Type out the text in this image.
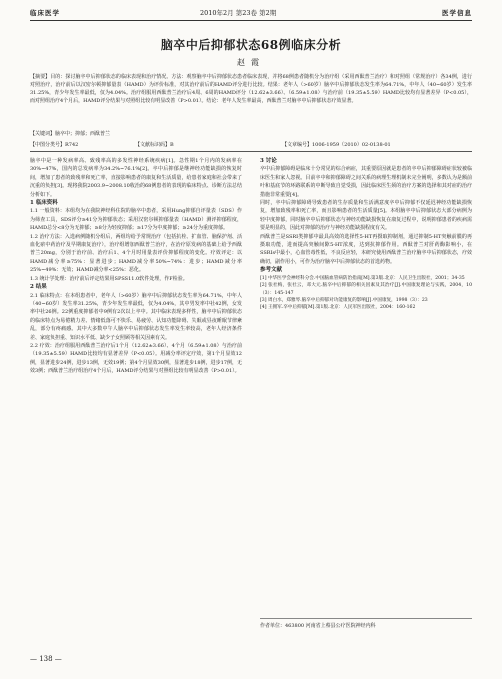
临床医学	2010年2月 第23卷 第2期	医学信息
脑卒中后抑郁状态68例临床分析
赵霞
【摘要】目的：探讨脑卒中后抑郁状态的临床表现和治疗情况。方法：观察脑卒中后抑郁状态患者临床表现，并将68例患者随机分为治疗组（采用西酞普兰治疗）和对照组（常规治疗）各34例，进行对照治疗，治疗前后以汉密尔顿抑郁量表（HAMD）为评价标准，对其治疗前后的HAMD评分进行比较。结果：老年人（>60岁）脑卒中后抑郁状态发生率为64.71%，中年人（40~60岁）发生率31.25%，青少年发生率最低，仅为4.04%。治疗组服用西酞普兰治疗后4周、6周的HAMD评分（12.62±3.66）、（6.59±1.08）与治疗前（19.35±5.59）HAMD比较均有显著差异（P<0.05），而对照组治疗4个月后，HAMD评分结果与对照组比较有明显改善（P>0.01）。结论：老年人发生率最高，西酞普兰对脑卒中后抑郁状态疗效显著。
【关键词】脑卒中；抑郁；西酞普兰
【中图分类号】R742	【文献标识码】B	【文章编号】1006-1959（2010）02-0138-01

脑卒中是一种发病率高、致残率高的多发性神经系统疾病[1]。急性期1个月内的发病率在30%~47%，国内的总发病率为34.2%~76.1%[2]。卒中后抑郁是继神经功能缺损的恢复时间，增加了患者的致残率和死亡率，直接影响患者的康复和生活质量，给患者家庭和社会带来了沉重的负担[3]。现将我院2003.9~2008.10收治的68例患者的表现的临床特点、诊断方法总结分析如下。

1 临床资料

1.1 一般资料：本组均为在我院神经科住院的脑卒中患者，采用Hung抑郁自评量表（SDS）作为筛查工具，SDS评分≥41分为抑郁状态；采用汉密尔顿抑郁量表（HAMD）测评抑郁程度，HAMD总分<8分为无抑郁；≥8分为轻度抑郁；≥17分为中度抑郁；≥24分为重度抑郁。

1.2 治疗方法：入选病例随机分组后，两组均给予常规治疗（包括抗栓、扩血管、脑保护剂、活血化瘀中药治疗及早期康复治疗），治疗组增加西酞普兰治疗，在治疗原发病的基础上给予西酞普兰20mg，分别于治疗前、治疗后1、4个月时用量表评价抑郁程度的变化。疗效评定：以HAMD减分率≥75%：显著进步；HAMD减分率50%~74%：进步；HAMD减分率25%~49%：无效；HAMD减分率<25%：恶化。

1.3 统计学处理：治疗前后评定结果用SPSS11.0软件处理，作F检验。

2 结果

2.1 临床特点：在本组患者中，老年人（>60岁）脑卒中后抑郁状态发生率为64.71%，中年人（40~60岁）发生率31.25%，青少年发生率最低，仅为4.04%，其中男发率中社42例，女发率中社26例。22例重度抑郁者中9例有2次以上卒中。其中临床表现多样性，脑卒中后抑郁状态的临床特点为易倦精力差、情绪低落可不快乐、易疲劳、认知功能降碍、失眠或昼夜睡眠节律紊乱，部分有疼痛感。其中大多数中午人脑卒中后抑郁状态发生率发生率较高，老年人经济条件差、家庭负担重、知识水平低、缺少子女照顾等相关因素有关。

2.2 疗效：治疗组服用西酞普兰治疗后1个月（12.62±3.66）、4个月（6.59±1.08）与治疗前（19.35±5.59）HAMD比较均有显著差异（P<0.05）。用减分率评定疗效，第1个月显效12例，显著进步24例，进步13例，无效19例；第4个月显效30例，显著进步18例，进步17例，无效3例；西酞普兰治疗组治疗4个月后，HAMD评分结果与对照组比较有明显改善（P>0.01）。

3 讨论

卒中后抑郁障碍是临床十分常见的综合病症，其重要原因就是患者的卒中后抑郁障碍症状较被临床医生和家人忽视。目前卒中和抑郁障碍之间关系的病理生理机制未完全阐明，多数认为是额前叶和基底节的环路联系的中断导致自觉受损，因此临床医生须的治疗方案的选择和其对症的治疗措施非常重要[4]。

同时，卒中后抑郁障碍导致患者的生存质量和生活满意度卒中后抑郁不仅延迟神经功能缺损恢复，增加致残率和死亡率，而且影响患者的生活质量[5]。本组脑卒中后抑郁状态大部分病例为轻中度抑郁，同时脑卒中后抑郁状态与神经功能缺损恢复在康复过程中，说明抑郁患者的疾病需要是明显的，因此对抑郁的治疗与神经功能缺损程度有关。

西酞普兰是SSRI类抑郁中最具高效的选择性5-HT再摄取抑制剂，通过抑制5-HT突触前膜的再摄取功能，进而提高突触间隙5-HT浓度，达到抗抑郁作用。西酞普兰对肝药酶影响小，在SSRIs中最小，心血管毒性低，不良反应轻，本研究使用西酞普兰治疗脑卒中后抑郁状态，疗效确切，副作用小，可作为治疗脑卒中后抑郁状态的首选药物。

参考文献

[1] 中华医学会神经科分会.中国脑血管病防治指南[M].第3版.北京：人民卫生出版社，2001；34-35

[2] 张社梅，张社云，邓大元.脑卒中后抑郁的相关因素及其治疗[J].中国康复理论与实践，2004，10（3）：145-147

[3] 周白水，郑雅琴.脑卒中后抑郁对功能康复的影响[J].中国康复，1998（3）：23

[4] 王拥军.卒中后抑郁[M].第1版.北京：人民军医出版社，2004：160-162

作者单位：463800 河南省上蔡县公疗医院神经内科
— 138 —
